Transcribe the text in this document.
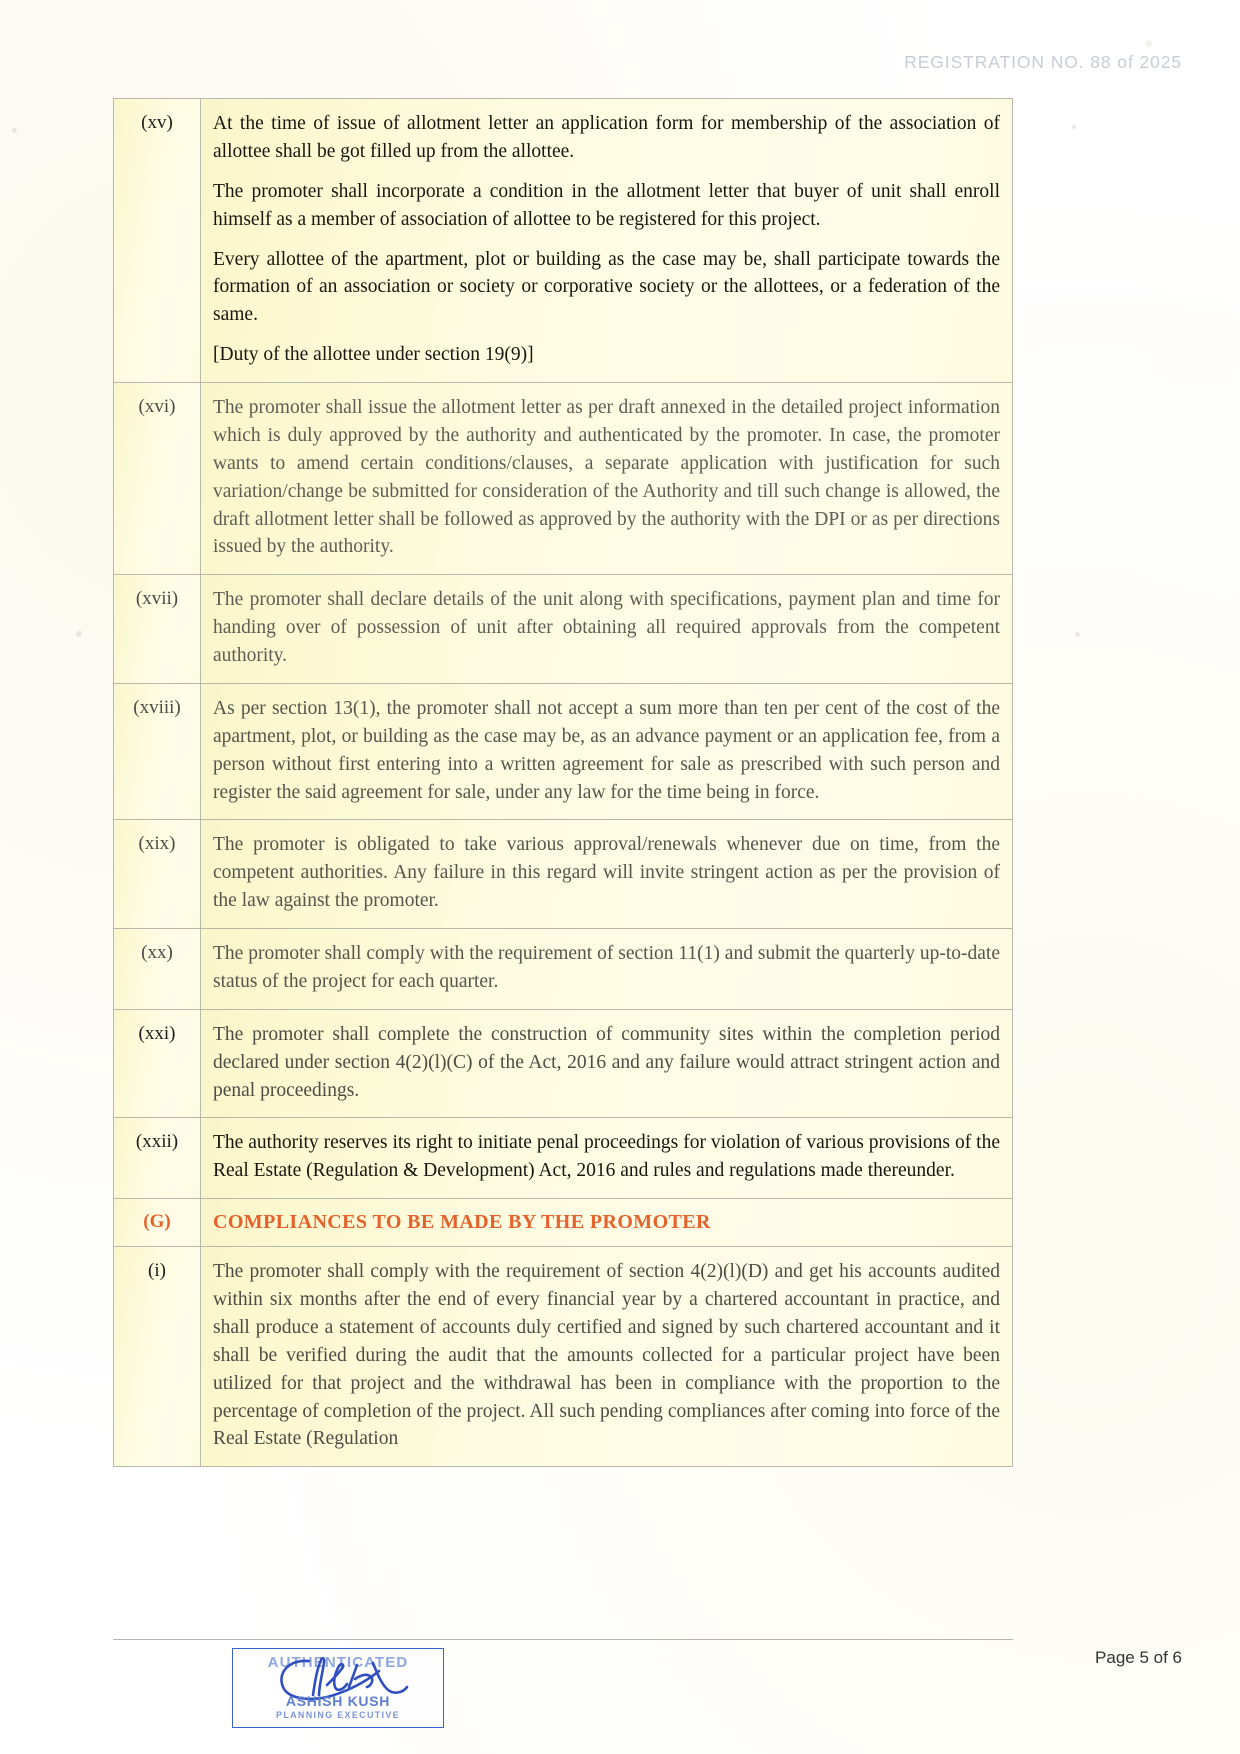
REGISTRATION NO. 88 of 2025
(xv)	At the time of issue of allotment letter an application form for membership of the association of allottee shall be got filled up from the allottee.

The promoter shall incorporate a condition in the allotment letter that buyer of unit shall enroll himself as a member of association of allottee to be registered for this project.

Every allottee of the apartment, plot or building as the case may be, shall participate towards the formation of an association or society or corporative society or the allottees, or a federation of the same.

[Duty of the allottee under section 19(9)]

(xvi)	The promoter shall issue the allotment letter as per draft annexed in the detailed project information which is duly approved by the authority and authenticated by the promoter. In case, the promoter wants to amend certain conditions/clauses, a separate application with justification for such variation/change be submitted for consideration of the Authority and till such change is allowed, the draft allotment letter shall be followed as approved by the authority with the DPI or as per directions issued by the authority.

(xvii)	The promoter shall declare details of the unit along with specifications, payment plan and time for handing over of possession of unit after obtaining all required approvals from the competent authority.

(xviii)	As per section 13(1), the promoter shall not accept a sum more than ten per cent of the cost of the apartment, plot, or building as the case may be, as an advance payment or an application fee, from a person without first entering into a written agreement for sale as prescribed with such person and register the said agreement for sale, under any law for the time being in force.

(xix)	The promoter is obligated to take various approval/renewals whenever due on time, from the competent authorities. Any failure in this regard will invite stringent action as per the provision of the law against the promoter.

(xx)	The promoter shall comply with the requirement of section 11(1) and submit the quarterly up-to-date status of the project for each quarter.

(xxi)	The promoter shall complete the construction of community sites within the completion period declared under section 4(2)(l)(C) of the Act, 2016 and any failure would attract stringent action and penal proceedings.

(xxii)	The authority reserves its right to initiate penal proceedings for violation of various provisions of the Real Estate (Regulation & Development) Act, 2016 and rules and regulations made thereunder.

(G)	COMPLIANCES TO BE MADE BY THE PROMOTER

(i)	The promoter shall comply with the requirement of section 4(2)(l)(D) and get his accounts audited within six months after the end of every financial year by a chartered accountant in practice, and shall produce a statement of accounts duly certified and signed by such chartered accountant and it shall be verified during the audit that the amounts collected for a particular project have been utilized for that project and the withdrawal has been in compliance with the proportion to the percentage of completion of the project. All such pending compliances after coming into force of the Real Estate (Regulation

Page 5 of 6
AUTHENTICATED
ASHISH KUSH
PLANNING EXECUTIVE
